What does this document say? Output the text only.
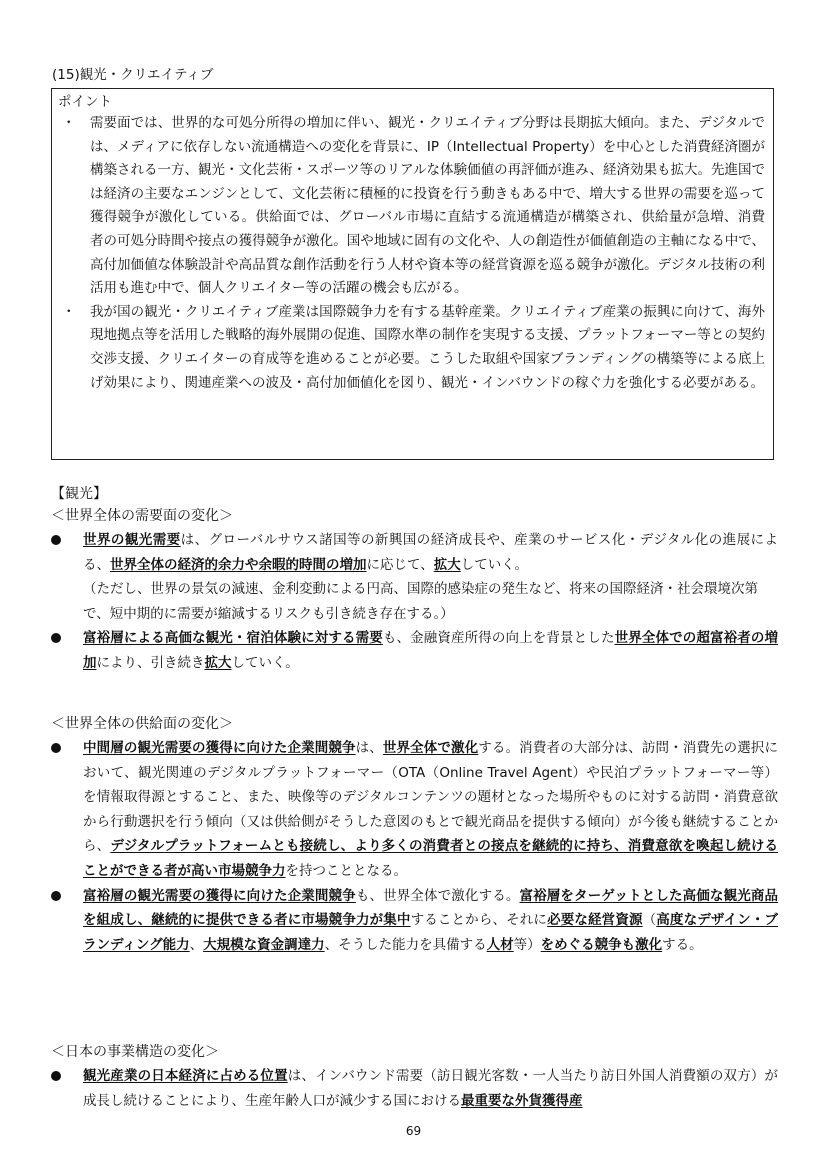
(15)観光・クリエイティブ
ポイント
・ 需要面では、世界的な可処分所得の増加に伴い、観光・クリエイティブ分野は長期拡大傾向。また、デジタルでは、メディアに依存しない流通構造への変化を背景に、IP（Intellectual Property）を中心とした消費経済圏が構築される一方、観光・文化芸術・スポーツ等のリアルな体験価値の再評価が進み、経済効果も拡大。先進国では経済の主要なエンジンとして、文化芸術に積極的に投資を行う動きもある中で、増大する世界の需要を巡って獲得競争が激化している。供給面では、グローバル市場に直結する流通構造が構築され、供給量が急増、消費者の可処分時間や接点の獲得競争が激化。国や地域に固有の文化や、人の創造性が価値創造の主軸になる中で、高付加価値な体験設計や高品質な創作活動を行う人材や資本等の経営資源を巡る競争が激化。デジタル技術の利活用も進む中で、個人クリエイター等の活躍の機会も広がる。
・ 我が国の観光・クリエイティブ産業は国際競争力を有する基幹産業。クリエイティブ産業の振興に向けて、海外現地拠点等を活用した戦略的海外展開の促進、国際水準の制作を実現する支援、プラットフォーマー等との契約交渉支援、クリエイターの育成等を進めることが必要。こうした取組や国家ブランディングの構築等による底上げ効果により、関連産業への波及・高付加価値化を図り、観光・インバウンドの稼ぐ力を強化する必要がある。
【観光】
＜世界全体の需要面の変化＞
世界の観光需要は、グローバルサウス諸国等の新興国の経済成長や、産業のサービス化・デジタル化の進展による、世界全体の経済的余力や余暇的時間の増加に応じて、拡大していく。
（ただし、世界の景気の減速、金利変動による円高、国際的感染症の発生など、将来の国際経済・社会環境次第で、短中期的に需要が縮減するリスクも引き続き存在する。）
富裕層による高価な観光・宿泊体験に対する需要も、金融資産所得の向上を背景とした世界全体での超富裕者の増加により、引き続き拡大していく。
＜世界全体の供給面の変化＞
中間層の観光需要の獲得に向けた企業間競争は、世界全体で激化する。消費者の大部分は、訪問・消費先の選択において、観光関連のデジタルプラットフォーマー（OTA（Online Travel Agent）や民泊プラットフォーマー等）を情報取得源とすること、また、映像等のデジタルコンテンツの題材となった場所やものに対する訪問・消費意欲から行動選択を行う傾向（又は供給側がそうした意図のもとで観光商品を提供する傾向）が今後も継続することから、デジタルプラットフォームとも接続し、より多くの消費者との接点を継続的に持ち、消費意欲を喚起し続けることができる者が高い市場競争力を持つこととなる。
富裕層の観光需要の獲得に向けた企業間競争も、世界全体で激化する。富裕層をターゲットとした高価な観光商品を組成し、継続的に提供できる者に市場競争力が集中することから、それに必要な経営資源（高度なデザイン・ブランディング能力、大規模な資金調達力、そうした能力を具備する人材等）をめぐる競争も激化する。
＜日本の事業構造の変化＞
観光産業の日本経済に占める位置は、インバウンド需要（訪日観光客数・一人当たり訪日外国人消費額の双方）が成長し続けることにより、生産年齢人口が減少する国における最重要な外貨獲得産
69
